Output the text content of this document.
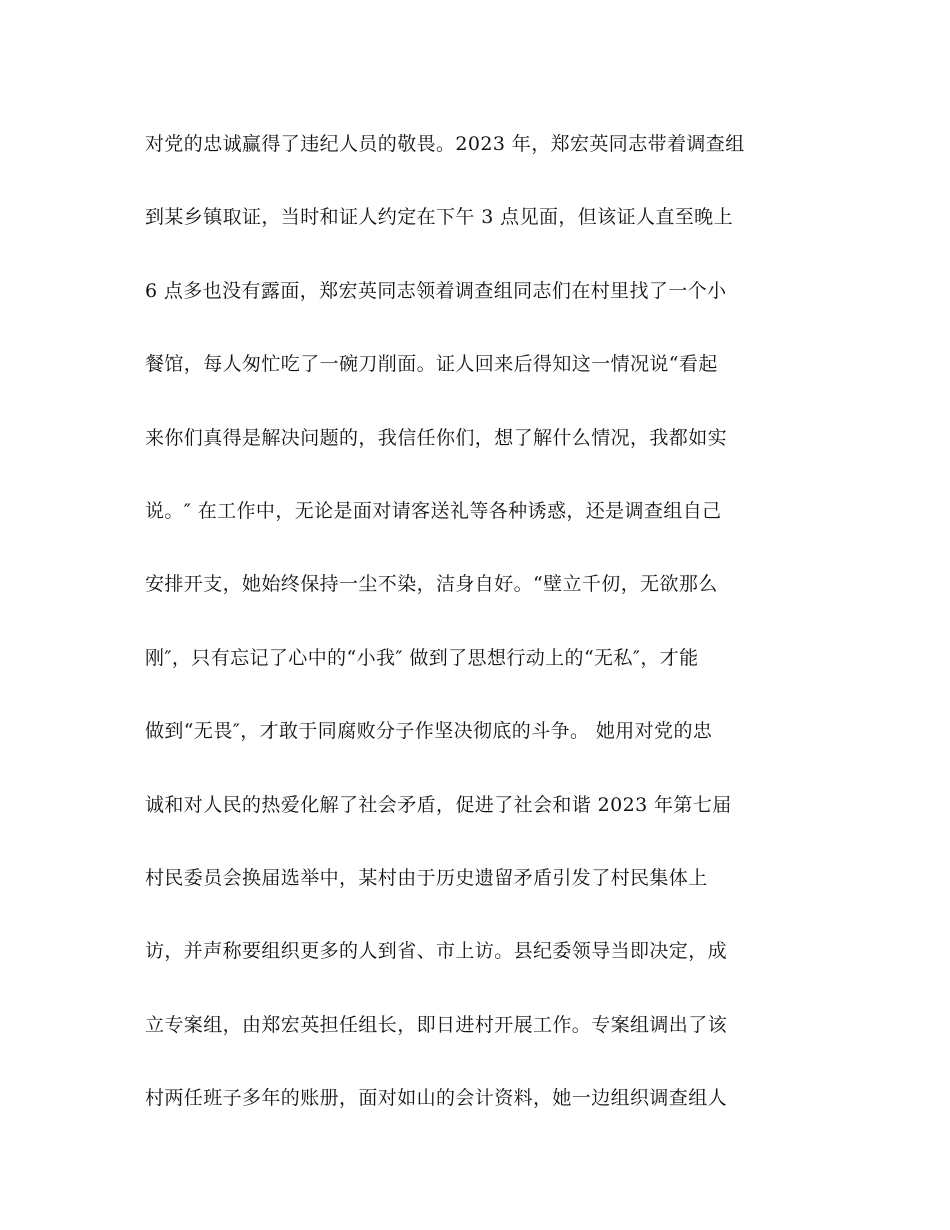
对党的忠诚赢得了违纪人员的敬畏。2023 年，郑宏英同志带着调查组
到某乡镇取证，当时和证人约定在下午 3 点见面，但该证人直至晚上
6 点多也没有露面，郑宏英同志领着调查组同志们在村里找了一个小
餐馆，每人匆忙吃了一碗刀削面。证人回来后得知这一情况说“看起
来你们真得是解决问题的，我信任你们，想了解什么情况，我都如实
说。″ 在工作中，无论是面对请客送礼等各种诱惑，还是调查组自己
安排开支，她始终保持一尘不染，洁身自好。“壁立千仞，无欲那么
刚″，只有忘记了心中的“小我″ 做到了思想行动上的“无私″，才能
做到“无畏″，才敢于同腐败分子作坚决彻底的斗争。 她用对党的忠
诚和对人民的热爱化解了社会矛盾，促进了社会和谐 2023 年第七届
村民委员会换届选举中，某村由于历史遗留矛盾引发了村民集体上
访，并声称要组织更多的人到省、市上访。县纪委领导当即决定，成
立专案组，由郑宏英担任组长，即日进村开展工作。专案组调出了该
村两任班子多年的账册，面对如山的会计资料，她一边组织调查组人
